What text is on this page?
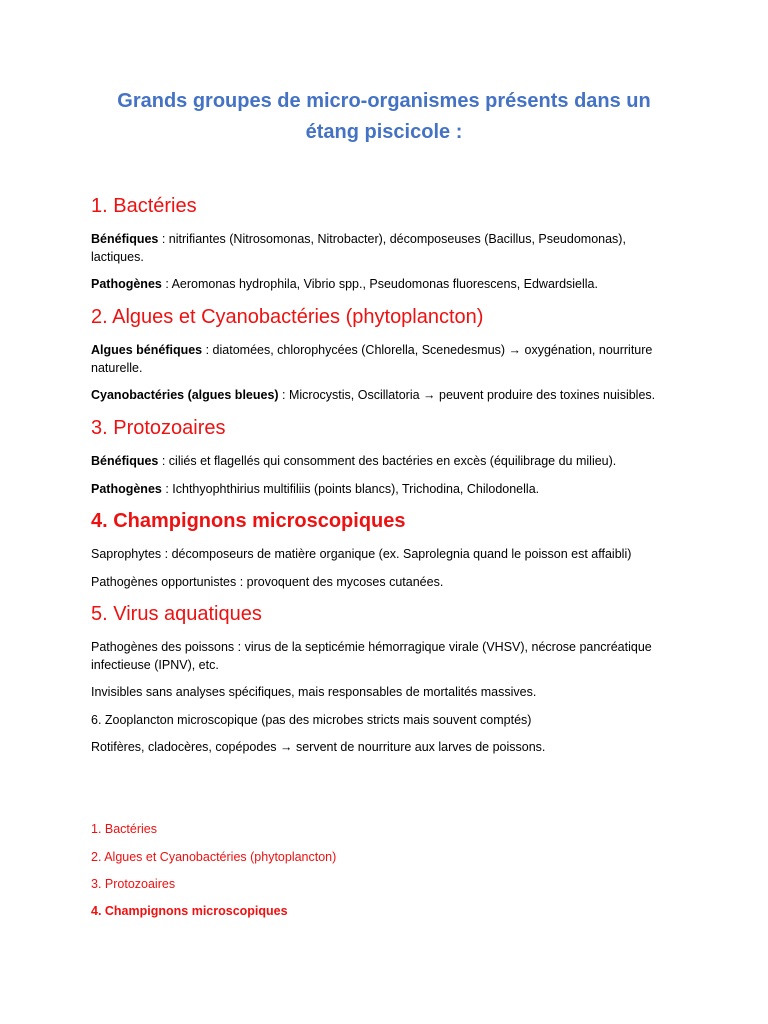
Grands groupes de micro-organismes présents dans un étang piscicole :
1. Bactéries
Bénéfiques : nitrifiantes (Nitrosomonas, Nitrobacter), décomposeuses (Bacillus, Pseudomonas), lactiques.
Pathogènes : Aeromonas hydrophila, Vibrio spp., Pseudomonas fluorescens, Edwardsiella.
2. Algues et Cyanobactéries (phytoplancton)
Algues bénéfiques : diatomées, chlorophycées (Chlorella, Scenedesmus) → oxygénation, nourriture naturelle.
Cyanobactéries (algues bleues) : Microcystis, Oscillatoria → peuvent produire des toxines nuisibles.
3. Protozoaires
Bénéfiques : ciliés et flagellés qui consomment des bactéries en excès (équilibrage du milieu).
Pathogènes : Ichthyophthirius multifiliis (points blancs), Trichodina, Chilodonella.
4. Champignons microscopiques
Saprophytes : décomposeurs de matière organique (ex. Saprolegnia quand le poisson est affaibli)
Pathogènes opportunistes : provoquent des mycoses cutanées.
5. Virus aquatiques
Pathogènes des poissons : virus de la septicémie hémorragique virale (VHSV), nécrose pancréatique infectieuse (IPNV), etc.
Invisibles sans analyses spécifiques, mais responsables de mortalités massives.
6. Zooplancton microscopique (pas des microbes stricts mais souvent comptés)
Rotifères, cladocères, copépodes → servent de nourriture aux larves de poissons.
1. Bactéries
2. Algues et Cyanobactéries (phytoplancton)
3. Protozoaires
4. Champignons microscopiques
